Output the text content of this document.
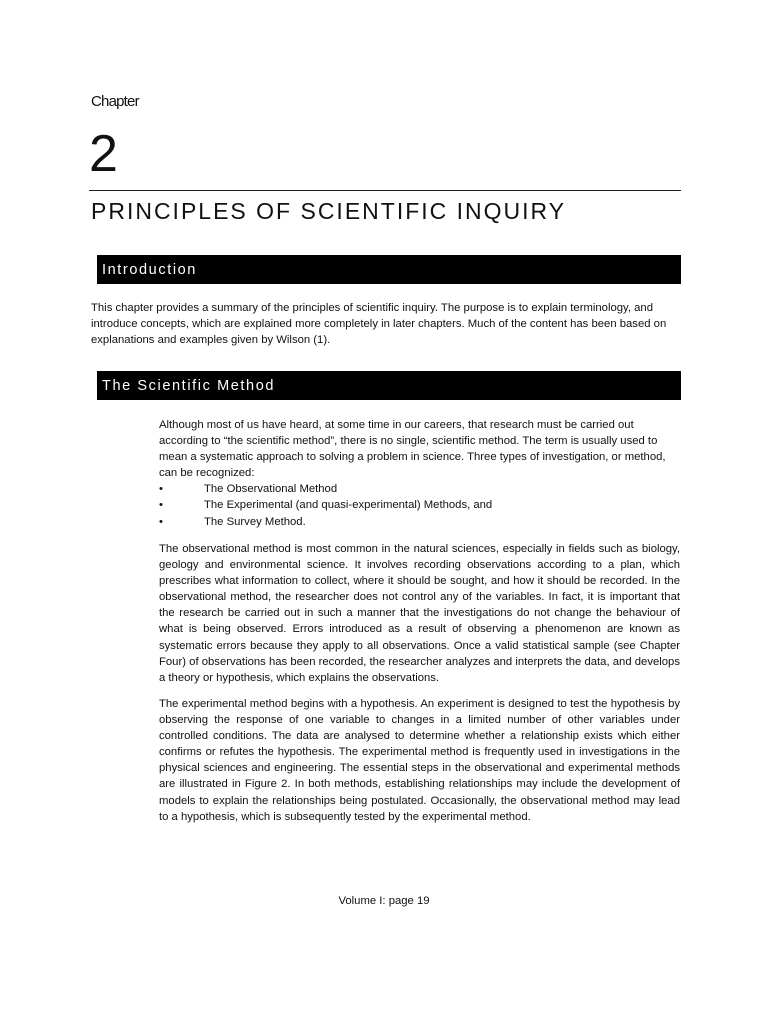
Chapter
2
PRINCIPLES OF SCIENTIFIC INQUIRY
Introduction
This chapter provides a summary of the principles of scientific inquiry. The purpose is to explain terminology, and introduce concepts, which are explained more completely in later chapters. Much of the content has been based on explanations and examples given by Wilson (1).
The Scientific Method
Although most of us have heard, at some time in our careers, that research must be carried out according to “the scientific method”, there is no single, scientific method. The term is usually used to mean a systematic approach to solving a problem in science. Three types of investigation, or method, can be recognized:
•	The Observational Method
•	The Experimental (and quasi-experimental) Methods, and
•	The Survey Method.
The observational method is most common in the natural sciences, especially in fields such as biology, geology and environmental science. It involves recording observations according to a plan, which prescribes what information to collect, where it should be sought, and how it should be recorded. In the observational method, the researcher does not control any of the variables. In fact, it is important that the research be carried out in such a manner that the investigations do not change the behaviour of what is being observed. Errors introduced as a result of observing a phenomenon are known as systematic errors because they apply to all observations. Once a valid statistical sample (see Chapter Four) of observations has been recorded, the researcher analyzes and interprets the data, and develops a theory or hypothesis, which explains the observations.
The experimental method begins with a hypothesis. An experiment is designed to test the hypothesis by observing the response of one variable to changes in a limited number of other variables under controlled conditions. The data are analysed to determine whether a relationship exists which either confirms or refutes the hypothesis. The experimental method is frequently used in investigations in the physical sciences and engineering. The essential steps in the observational and experimental methods are illustrated in Figure 2. In both methods, establishing relationships may include the development of models to explain the relationships being postulated. Occasionally, the observational method may lead to a hypothesis, which is subsequently tested by the experimental method.
Volume I: page 19
